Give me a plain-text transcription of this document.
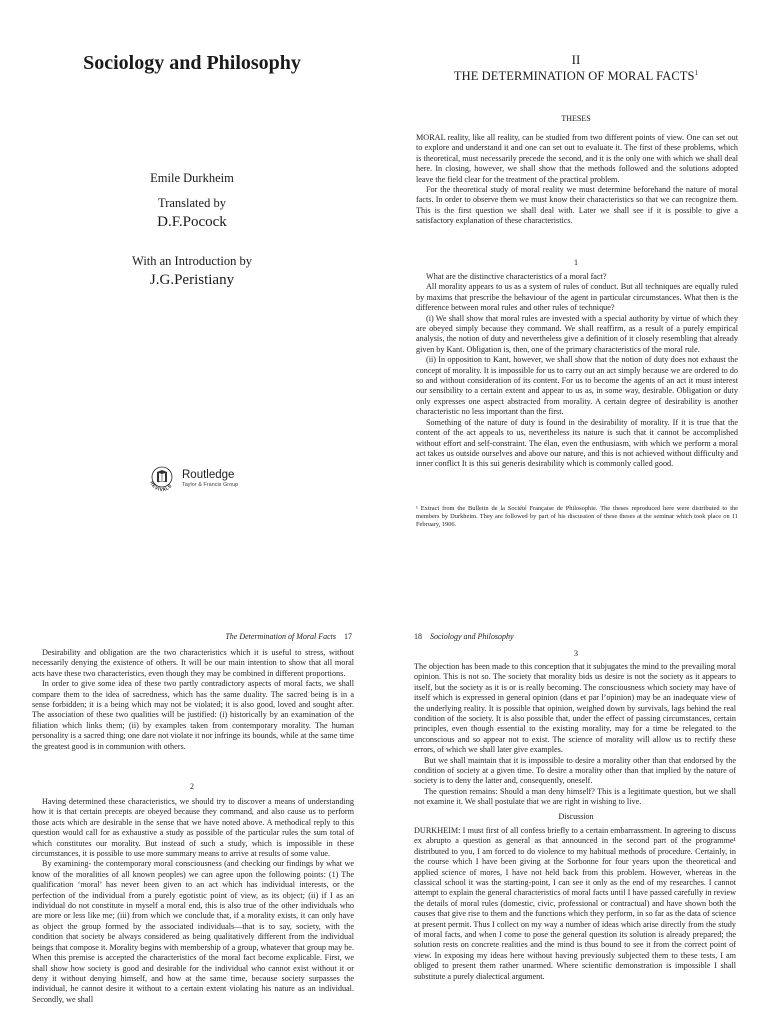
Sociology and Philosophy
Emile Durkheim
Translated by
D.F.Pocock
With an Introduction by
J.G.Peristiany
REVIVALS
Routledge
Taylor & Francis Group
II
THE DETERMINATION OF MORAL FACTS$^1$
THESES

MORAL reality, like all reality, can be studied from two different points of view. One can set out to explore and understand it and one can set out to evaluate it. The first of these problems, which is theoretical, must necessarily precede the second, and it is the only one with which we shall deal here. In closing, however, we shall show that the methods followed and the solutions adopted leave the field clear for the treatment of the practical problem.

For the theoretical study of moral reality we must determine beforehand the nature of moral facts. In order to observe them we must know their characteristics so that we can recognize them. This is the first question we shall deal with. Later we shall see if it is possible to give a satisfactory explanation of these characteristics.

1

What are the distinctive characteristics of a moral fact?

All morality appears to us as a system of rules of conduct. But all techniques are equally ruled by maxims that prescribe the behaviour of the agent in particular circumstances. What then is the difference between moral rules and other rules of technique?

(i) We shall show that moral rules are invested with a special authority by virtue of which they are obeyed simply because they command. We shall reaffirm, as a result of a purely empirical analysis, the notion of duty and nevertheless give a definition of it closely resembling that already given by Kant. Obligation is, then, one of the primary characteristics of the moral rule.

(ii) In opposition to Kant, however, we shall show that the notion of duty does not exhaust the concept of morality. It is impossible for us to carry out an act simply because we are ordered to do so and without consideration of its content. For us to become the agents of an act it must interest our sensibility to a certain extent and appear to us as, in some way, desirable. Obligation or duty only expresses one aspect abstracted from morality. A certain degree of desirability is another characteristic no less important than the first.

Something of the nature of duty is found in the desirability of morality. If it is true that the content of the act appeals to us, nevertheless its nature is such that it cannot be accomplished without effort and self-constraint. The élan, even the enthusiasm, with which we perform a moral act takes us outside ourselves and above our nature, and this is not achieved without difficulty and inner conflict It is this sui generis desirability which is commonly called good.

¹ Extract from the Bulletin de la Société Française de Philosophie. The theses reproduced here were distributed to the members by Durkheim. They are followed by part of his discussion of these theses at the seminar which took place on 11 February, 1906.

The Determination of Moral Facts 17

Desirability and obligation are the two characteristics which it is useful to stress, without necessarily denying the existence of others. It will be our main intention to show that all moral acts have these two characteristics, even though they may be combined in different proportions.

In order to give some idea of these two partly contradictory aspects of moral facts, we shall compare them to the idea of sacredness, which has the same duality. The sacred being is in a sense forbidden; it is a being which may not be violated; it is also good, loved and sought after. The association of these two qualities will be justified: (i) historically by an examination of the filiation which links them; (ii) by examples taken from contemporary morality. The human personality is a sacred thing; one dare not violate it nor infringe its bounds, while at the same time the greatest good is in communion with others.

2

Having determined these characteristics, we should try to discover a means of understanding how it is that certain precepts are obeyed because they command, and also cause us to perform those acts which are desirable in the sense that we have noted above. A methodical reply to this question would call for as exhaustive a study as possible of the particular rules the sum total of which constitutes our morality. But instead of such a study, which is impossible in these circumstances, it is possible to use more summary means to arrive at results of some value.

By examining- the contemporary moral consciousness (and checking our findings by what we know of the moralities of all known peoples) we can agree upon the following points: (1) The qualification ‘moral’ has never been given to an act which has individual interests, or the perfection of the individual from a purely egotistic point of view, as its object; (ii) if I as an individual do not constitute in myself a moral end, this is also true of the other individuals who are more or less like me; (iii) from which we conclude that, if a morality exists, it can only have as object the group formed by the associated individuals—that is to say, society, with the condition that society be always considered as being qualitatively different from the individual beings that compose it. Morality begins with membership of a group, whatever that group may be. When this premise is accepted the characteristics of the moral fact become explicable. First, we shall show how society is good and desirable for the individual who cannot exist without it or deny it without denying himself, and how at the same time, because society surpasses the individual, he cannot desire it without to a certain extent violating his nature as an individual. Secondly, we shall

18 Sociology and Philosophy
3

The objection has been made to this conception that it subjugates the mind to the prevailing moral opinion. This is not so. The society that morality bids us desire is not the society as it appears to itself, but the society as it is or is really becoming. The consciousness which society may have of itself which is expressed in general opinion (dans et par l’opinion) may be an inadequate view of the underlying reality. It is possible that opinion, weighed down by survivals, lags behind the real condition of the society. It is also possible that, under the effect of passing circumstances, certain principles, even though essential to the existing morality, may for a time be relegated to the unconscious and so appear not to exist. The science of morality will allow us to rectify these errors, of which we shall later give examples.

But we shall maintain that it is impossible to desire a morality other than that endorsed by the condition of society at a given time. To desire a morality other than that implied by the nature of society is to deny the latter and, consequently, oneself.

The question remains: Should a man deny himself? This is a legitimate question, but we shall not examine it. We shall postulate that we are right in wishing to live.

Discussion

DURKHEIM: I must first of all confess briefly to a certain embarrassment. In agreeing to discuss ex abrupto a question as general as that announced in the second part of the programme¹ distributed to you, I am forced to do violence to my habitual methods of procedure. Certainly, in the course which I have been giving at the Sorbonne for four years upon the theoretical and applied science of mores, I have not held back from this problem. However, whereas in the classical school it was the starting-point, I can see it only as the end of my researches. I cannot attempt to explain the general characteristics of moral facts until I have passed carefully in review the details of moral rules (domestic, civic, professional or contractual) and have shown both the causes that give rise to them and the functions which they perform, in so far as the data of science at present permit. Thus I collect on my way a number of ideas which arise directly from the study of moral facts, and when I come to pose the general question its solution is already prepared; the solution rests on concrete realities and the mind is thus bound to see it from the correct point of view. In exposing my ideas here without having previously subjected them to these tests, I am obliged to present them rather unarmed. Where scientific demonstration is impossible I shall substitute a purely dialectical argument.
